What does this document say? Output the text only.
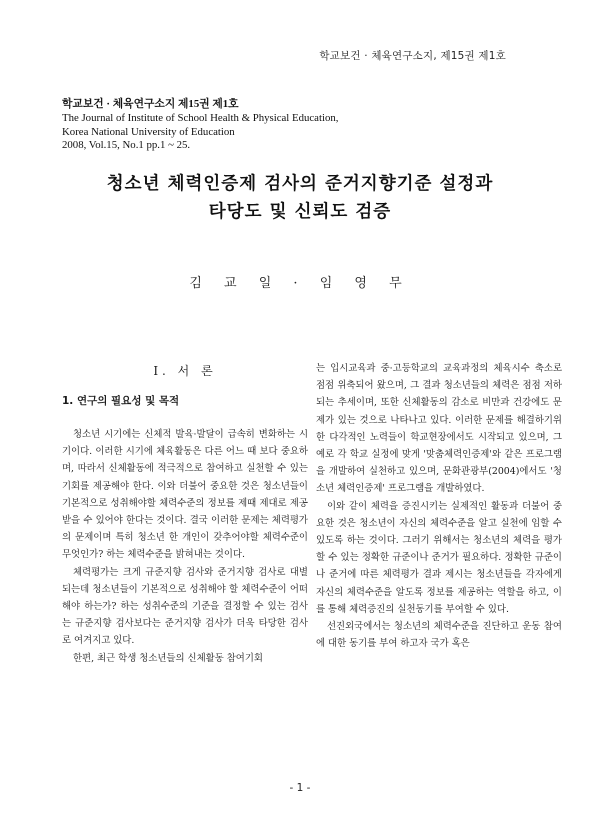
학교보건 · 체육연구소지, 제15권 제1호
학교보건 · 체육연구소지 제15권 제1호
The Journal of Institute of School Health & Physical Education,
Korea National University of Education
2008, Vol.15, No.1 pp.1 ~ 25.
청소년 체력인증제 검사의 준거지향기준 설정과
타당도 및 신뢰도 검증
김 교 일 · 임 영 무
Ⅰ. 서 론
1. 연구의 필요성 및 목적

청소년 시기에는 신체적 발육·발달이 급속히 변화하는 시기이다. 이러한 시기에 체육활동은 다른 어느 때 보다 중요하며, 따라서 신체활동에 적극적으로 참여하고 실천할 수 있는 기회를 제공해야 한다. 이와 더불어 중요한 것은 청소년들이 기본적으로 성취해야할 체력수준의 정보를 제때 제대로 제공받을 수 있어야 한다는 것이다. 결국 이러한 문제는 체력평가의 문제이며 특히 청소년 한 개인이 갖추어야할 체력수준이 무엇인가? 하는 체력수준을 밝혀내는 것이다.

체력평가는 크게 규준지향 검사와 준거지향 검사로 대별되는데 청소년들이 기본적으로 성취해야 할 체력수준이 어떠해야 하는가? 하는 성취수준의 기준을 결정할 수 있는 검사는 규준지향 검사보다는 준거지향 검사가 더욱 타당한 검사로 여겨지고 있다.

한편, 최근 학생 청소년들의 신체활동 참여기회

는 입시교육과 중·고등학교의 교육과정의 체육시수 축소로 점점 위축되어 왔으며, 그 결과 청소년들의 체력은 점점 저하되는 추세이며, 또한 신체활동의 감소로 비만과 건강에도 문제가 있는 것으로 나타나고 있다. 이러한 문제를 해결하기위한 다각적인 노력들이 학교현장에서도 시작되고 있으며, 그 예로 각 학교 실정에 맞게 '맞춤체력인증제'와 같은 프로그램을 개발하여 실천하고 있으며, 문화관광부(2004)에서도 '청소년 체력인증제' 프로그램을 개발하였다.

이와 같이 체력을 증진시키는 실제적인 활동과 더불어 중요한 것은 청소년이 자신의 체력수준을 알고 실천에 임할 수 있도록 하는 것이다. 그러기 위해서는 청소년의 체력을 평가할 수 있는 정확한 규준이나 준거가 필요하다. 정확한 규준이나 준거에 따른 체력평가 결과 제시는 청소년들을 각자에게 자신의 체력수준을 알도록 정보를 제공하는 역할을 하고, 이를 통해 체력증진의 실천동기를 부여할 수 있다.

선진외국에서는 청소년의 체력수준을 진단하고 운동 참여에 대한 동기를 부여 하고자 국가 혹은

- 1 -
